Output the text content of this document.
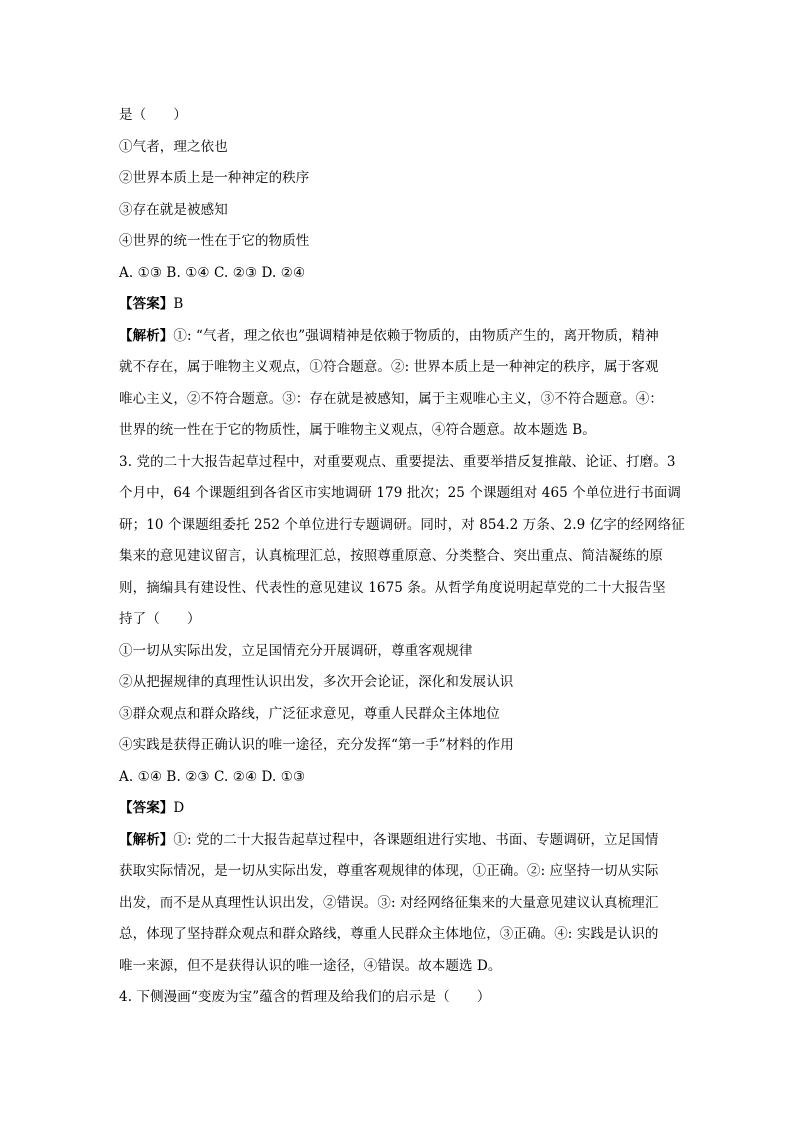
是（　　）
①气者，理之依也
②世界本质上是一种神定的秩序
③存在就是被感知
④世界的统一性在于它的物质性
A. ①③ B. ①④ C. ②③ D. ②④
【答案】B
【解析】①: “气者，理之依也”强调精神是依赖于物质的，由物质产生的，离开物质，精神
就不存在，属于唯物主义观点，①符合题意。②: 世界本质上是一种神定的秩序，属于客观
唯心主义，②不符合题意。③：存在就是被感知，属于主观唯心主义，③不符合题意。④：
世界的统一性在于它的物质性，属于唯物主义观点，④符合题意。故本题选 B。
3. 党的二十大报告起草过程中，对重要观点、重要提法、重要举措反复推敲、论证、打磨。3
个月中，64 个课题组到各省区市实地调研 179 批次；25 个课题组对 465 个单位进行书面调
研；10 个课题组委托 252 个单位进行专题调研。同时，对 854.2 万条、2.9 亿字的经网络征
集来的意见建议留言，认真梳理汇总，按照尊重原意、分类整合、突出重点、简洁凝练的原
则，摘编具有建设性、代表性的意见建议 1675 条。从哲学角度说明起草党的二十大报告坚
持了（　　）
①一切从实际出发，立足国情充分开展调研，尊重客观规律
②从把握规律的真理性认识出发，多次开会论证，深化和发展认识
③群众观点和群众路线，广泛征求意见，尊重人民群众主体地位
④实践是获得正确认识的唯一途径，充分发挥“第一手”材料的作用
A. ①④ B. ②③ C. ②④ D. ①③
【答案】D
【解析】①: 党的二十大报告起草过程中，各课题组进行实地、书面、专题调研，立足国情
获取实际情况，是一切从实际出发，尊重客观规律的体现，①正确。②: 应坚持一切从实际
出发，而不是从真理性认识出发，②错误。③: 对经网络征集来的大量意见建议认真梳理汇
总，体现了坚持群众观点和群众路线，尊重人民群众主体地位，③正确。④: 实践是认识的
唯一来源，但不是获得认识的唯一途径，④错误。故本题选 D。
4. 下侧漫画“变废为宝”蕴含的哲理及给我们的启示是（　　）
